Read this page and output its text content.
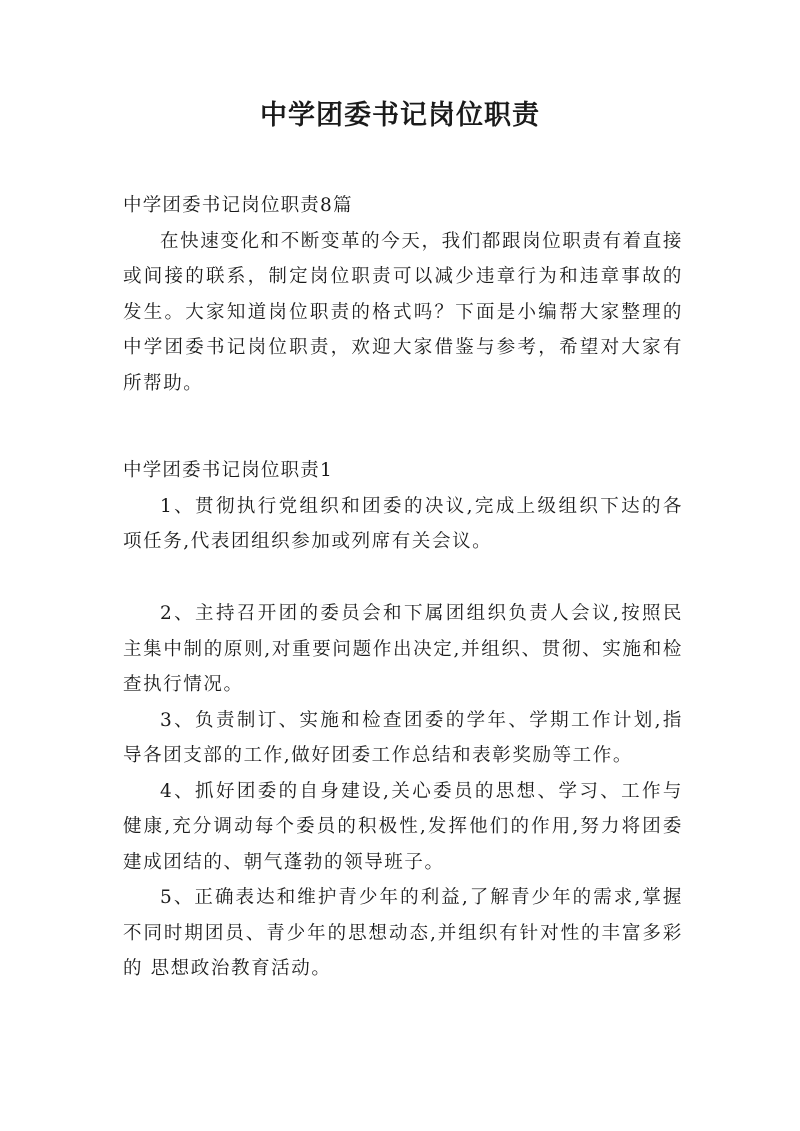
中学团委书记岗位职责

中学团委书记岗位职责8篇

在快速变化和不断变革的今天，我们都跟岗位职责有着直接或间接的联系，制定岗位职责可以减少违章行为和违章事故的发生。大家知道岗位职责的格式吗？下面是小编帮大家整理的中学团委书记岗位职责，欢迎大家借鉴与参考，希望对大家有所帮助。

中学团委书记岗位职责1

1、贯彻执行党组织和团委的决议,完成上级组织下达的各项任务,代表团组织参加或列席有关会议。

2、主持召开团的委员会和下属团组织负责人会议,按照民主集中制的原则,对重要问题作出决定,并组织、贯彻、实施和检查执行情况。

3、负责制订、实施和检查团委的学年、学期工作计划,指导各团支部的工作,做好团委工作总结和表彰奖励等工作。

4、抓好团委的自身建设,关心委员的思想、学习、工作与健康,充分调动每个委员的积极性,发挥他们的作用,努力将团委建成团结的、朝气蓬勃的领导班子。

5、正确表达和维护青少年的利益,了解青少年的需求,掌握不同时期团员、青少年的思想动态,并组织有针对性的丰富多彩的 思想政治教育活动。
